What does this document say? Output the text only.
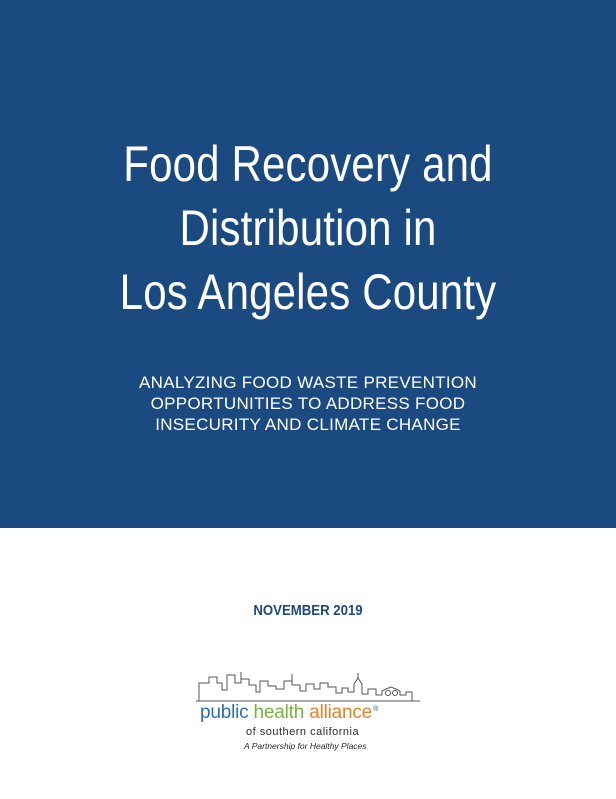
Food Recovery and
Distribution in
Los Angeles County

ANALYZING FOOD WASTE PREVENTION
OPPORTUNITIES TO ADDRESS FOOD
INSECURITY AND CLIMATE CHANGE

NOVEMBER 2019
public health alliance®
of southern california
A Partnership for Healthy Places
